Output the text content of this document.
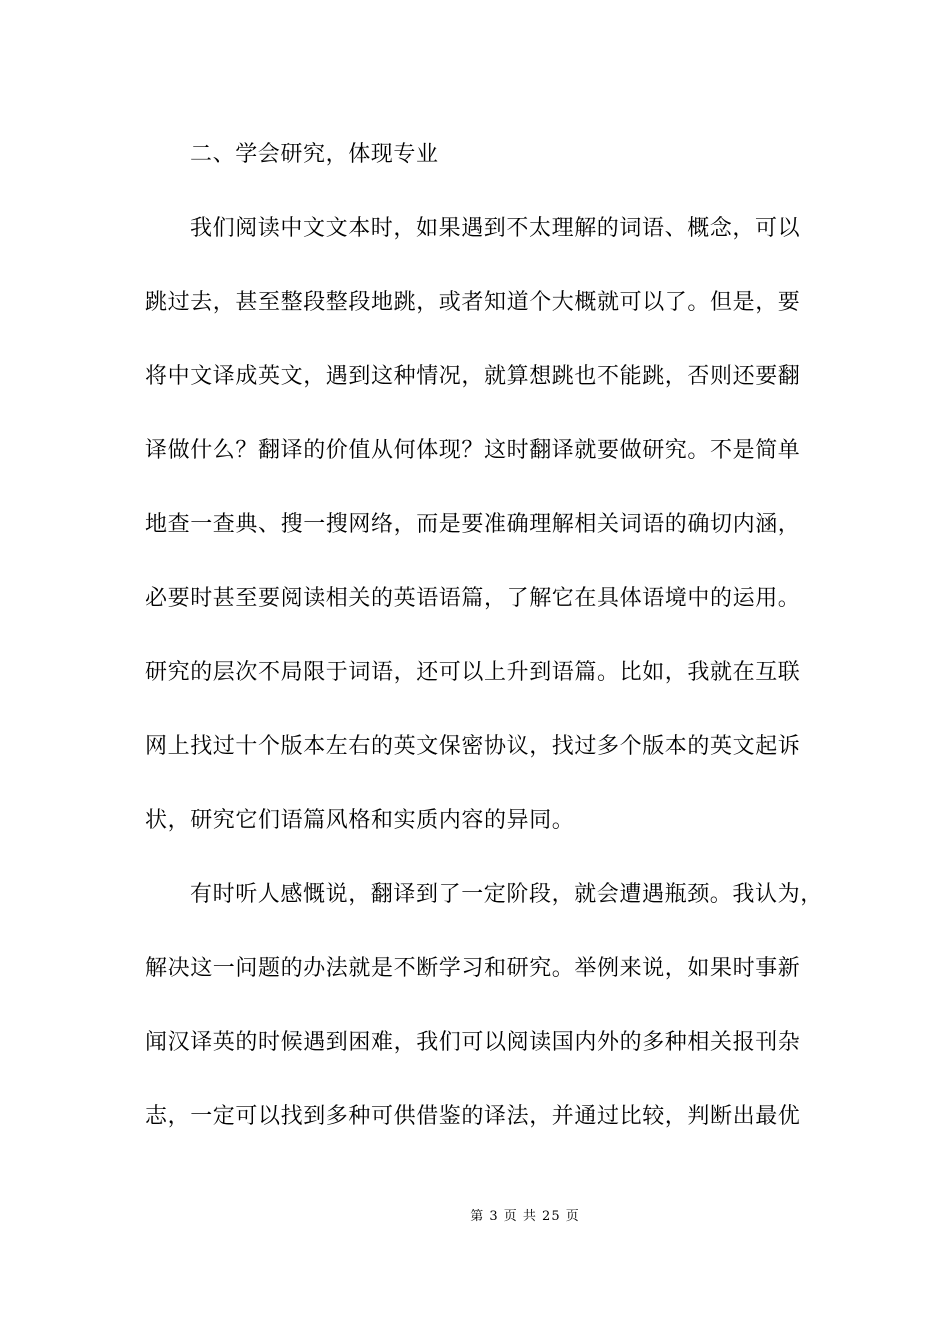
二、学会研究，体现专业
我们阅读中文文本时，如果遇到不太理解的词语、概念，可以
跳过去，甚至整段整段地跳，或者知道个大概就可以了。但是，要
将中文译成英文，遇到这种情况，就算想跳也不能跳，否则还要翻
译做什么？翻译的价值从何体现？这时翻译就要做研究。不是简单
地查一查典、搜一搜网络，而是要准确理解相关词语的确切内涵，
必要时甚至要阅读相关的英语语篇，了解它在具体语境中的运用。
研究的层次不局限于词语，还可以上升到语篇。比如，我就在互联
网上找过十个版本左右的英文保密协议，找过多个版本的英文起诉
状，研究它们语篇风格和实质内容的异同。
有时听人感慨说，翻译到了一定阶段，就会遭遇瓶颈。我认为，
解决这一问题的办法就是不断学习和研究。举例来说，如果时事新
闻汉译英的时候遇到困难，我们可以阅读国内外的多种相关报刊杂
志，一定可以找到多种可供借鉴的译法，并通过比较，判断出最优
第 3 页 共 25 页
